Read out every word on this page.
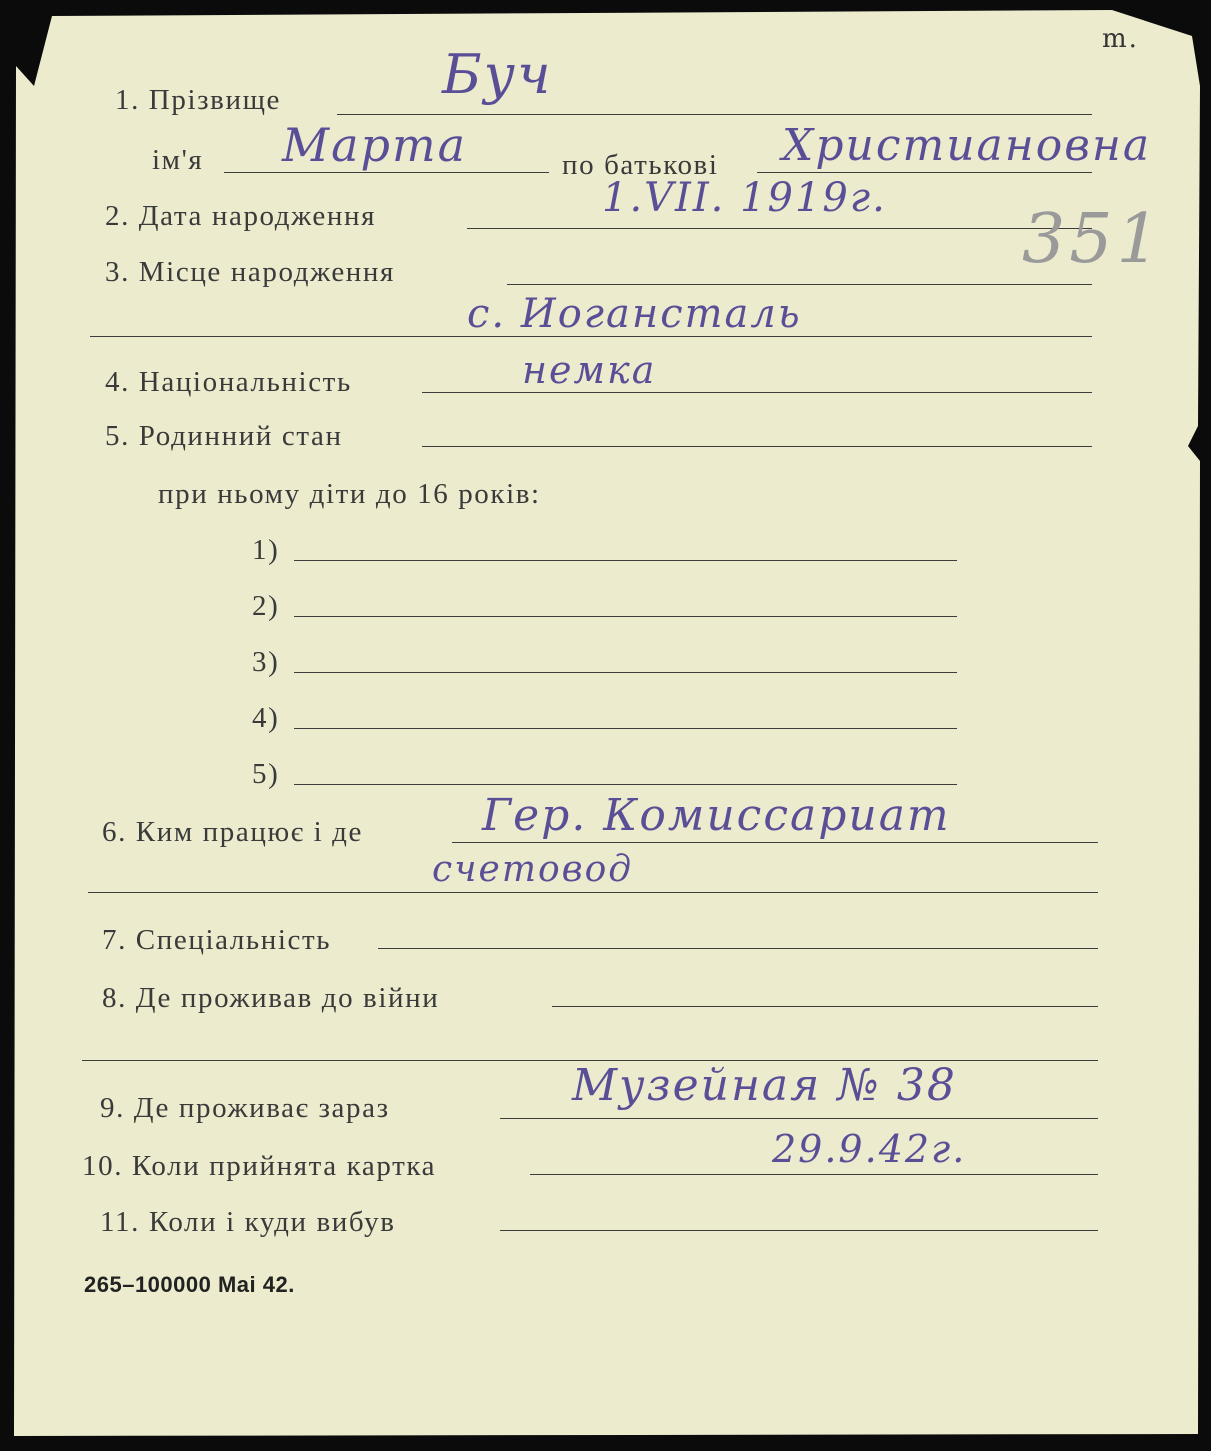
1. Прізвище
ім'я	по батькові
2. Дата народження
3. Місце народження
4. Національність
5. Родинний стан
при ньому діти до 16 років:
1)
2)
3)
4)
5)
6. Ким працює і де
7. Спеціальність
8. Де проживав до війни
9. Де проживає зараз
10. Коли прийнята картка
11. Коли і куди вибув
265–100000 Mai 42.
Буч
Марта	Христиановна
1.VII. 1919г.
с. Иогансталь
немка
Гер. Комиссариат
счетовод
Музейная № 38
29.9.42г.
351
m.
